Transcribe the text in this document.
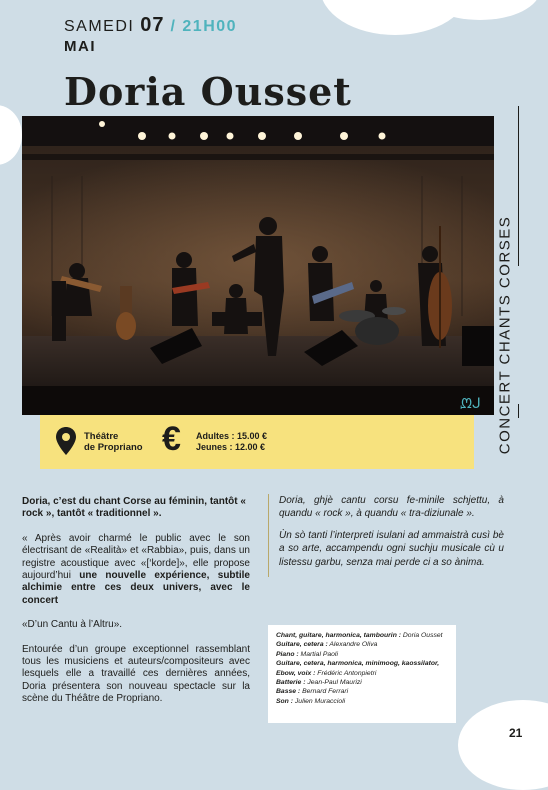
SAMEDI 07 / 21H00
MAI
Doria Ousset
CONCERT CHANTS CORSES
ᘻᒍ
Théâtre
de Propriano € Adultes : 15.00 €
Jeunes : 12.00 €

Doria, c’est du chant Corse au féminin, tantôt « rock », tantôt « traditionnel ».

« Après avoir charmé le public avec le son électrisant de «Realità» et «Rabbia», puis, dans un registre acoustique avec «[‘korde]», elle propose aujourd’hui une nouvelle expérience, subtile alchimie entre ces deux univers, avec le concert

«D’un Cantu à l’Altru».

Entourée d’un groupe exceptionnel rassemblant tous les musiciens et auteurs/compositeurs avec lesquels elle a travaillé ces dernières années, Doria présentera son nouveau spectacle sur la scène du Théâtre de Propriano.

Doria, ghjè cantu corsu fe-minile schjettu, à quandu « rock », à quandu « tra-diziunale ».

Ùn sò tanti l’interpreti isulani ad ammaistrà cusì bè a so arte, accampendu ogni suchju musicale cù u listessu garbu, senza mai perde ci a so ànima.

Chant, guitare, harmonica, tambourin : Doria Ousset
Guitare, cetera : Alexandre Oliva
Piano : Martial Paoli
Guitare, cetera, harmonica, minimoog, kaossilator, Ebow, voix : Frédéric Antonpietri
Batterie : Jean-Paul Maurizi
Basse : Bernard Ferrari
Son : Julien Muraccioli
21
